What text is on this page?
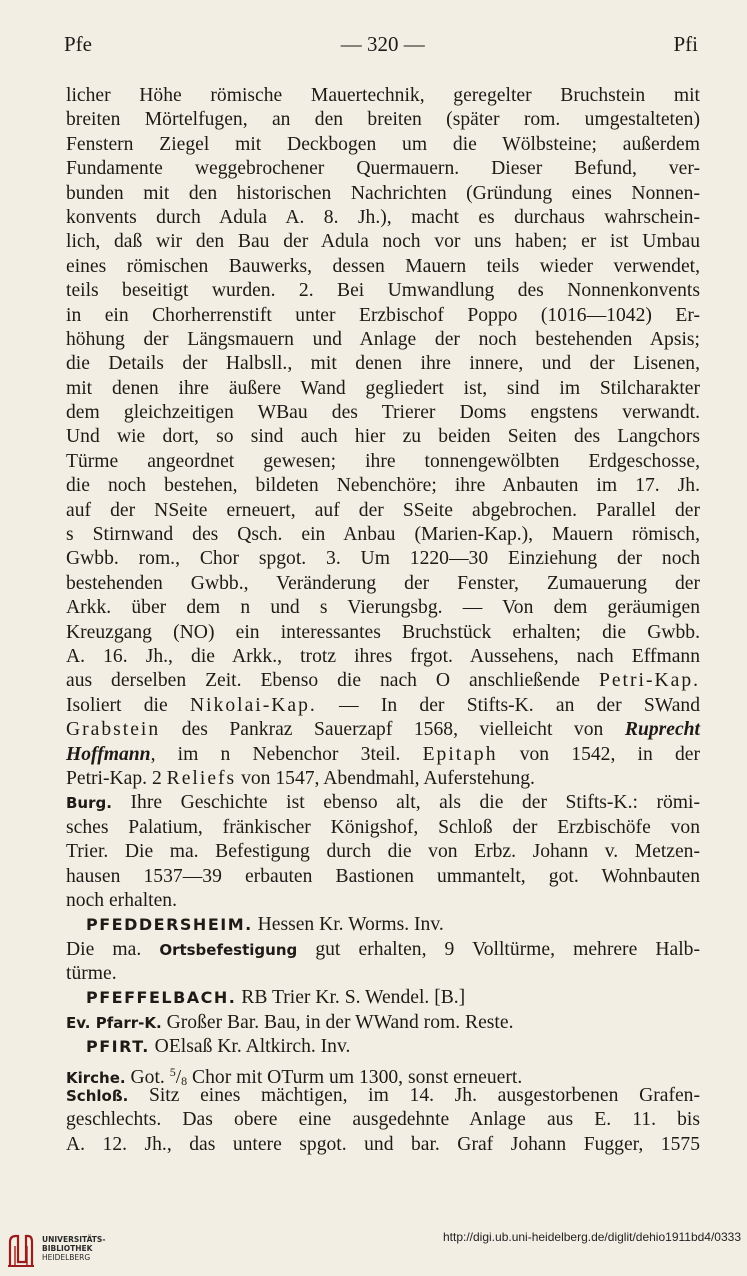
Pfe	— 320 —	Pfi
licher Höhe römische Mauertechnik, geregelter Bruchstein mit
breiten Mörtelfugen, an den breiten (später rom. umgestalteten)
Fenstern Ziegel mit Deckbogen um die Wölbsteine; außerdem
Fundamente weggebrochener Quermauern. Dieser Befund, ver-
bunden mit den historischen Nachrichten (Gründung eines Nonnen-
konvents durch Adula A. 8. Jh.), macht es durchaus wahrschein-
lich, daß wir den Bau der Adula noch vor uns haben; er ist Umbau
eines römischen Bauwerks, dessen Mauern teils wieder verwendet,
teils beseitigt wurden. 2. Bei Umwandlung des Nonnenkonvents
in ein Chorherrenstift unter Erzbischof Poppo (1016—1042) Er-
höhung der Längsmauern und Anlage der noch bestehenden Apsis;
die Details der Halbsll., mit denen ihre innere, und der Lisenen,
mit denen ihre äußere Wand gegliedert ist, sind im Stilcharakter
dem gleichzeitigen WBau des Trierer Doms engstens verwandt.
Und wie dort, so sind auch hier zu beiden Seiten des Langchors
Türme angeordnet gewesen; ihre tonnengewölbten Erdgeschosse,
die noch bestehen, bildeten Nebenchöre; ihre Anbauten im 17. Jh.
auf der NSeite erneuert, auf der SSeite abgebrochen. Parallel der
s Stirnwand des Qsch. ein Anbau (Marien-Kap.), Mauern römisch,
Gwbb. rom., Chor spgot. 3. Um 1220—30 Einziehung der noch
bestehenden Gwbb., Veränderung der Fenster, Zumauerung der
Arkk. über dem n und s Vierungsbg. — Von dem geräumigen
Kreuzgang (NO) ein interessantes Bruchstück erhalten; die Gwbb.
A. 16. Jh., die Arkk., trotz ihres frgot. Aussehens, nach Effmann
aus derselben Zeit. Ebenso die nach O anschließende Petri-Kap.
Isoliert die Nikolai-Kap. — In der Stifts-K. an der SWand
Grabstein des Pankraz Sauerzapf 1568, vielleicht von Ruprecht
Hoffmann, im n Nebenchor 3teil. Epitaph von 1542, in der
Petri-Kap. 2 Reliefs von 1547, Abendmahl, Auferstehung.
Burg. Ihre Geschichte ist ebenso alt, als die der Stifts-K.: römi-
sches Palatium, fränkischer Königshof, Schloß der Erzbischöfe von
Trier. Die ma. Befestigung durch die von Erbz. Johann v. Metzen-
hausen 1537—39 erbauten Bastionen ummantelt, got. Wohnbauten
noch erhalten.
PFEDDERSHEIM. Hessen Kr. Worms. Inv.
Die ma. Ortsbefestigung gut erhalten, 9 Volltürme, mehrere Halb-
türme.
PFEFFELBACH. RB Trier Kr. S. Wendel. [B.]
Ev. Pfarr-K. Großer Bar. Bau, in der WWand rom. Reste.
PFIRT. OElsaß Kr. Altkirch. Inv.
Kirche. Got. $^5/_8$ Chor mit OTurm um 1300, sonst erneuert.
Schloß. Sitz eines mächtigen, im 14. Jh. ausgestorbenen Grafen-
geschlechts. Das obere eine ausgedehnte Anlage aus E. 11. bis
A. 12. Jh., das untere spgot. und bar. Graf Johann Fugger, 1575
UNIVERSITÄTS-
BIBLIOTHEK
HEIDELBERG
http://digi.ub.uni-heidelberg.de/diglit/dehio1911bd4/0333
